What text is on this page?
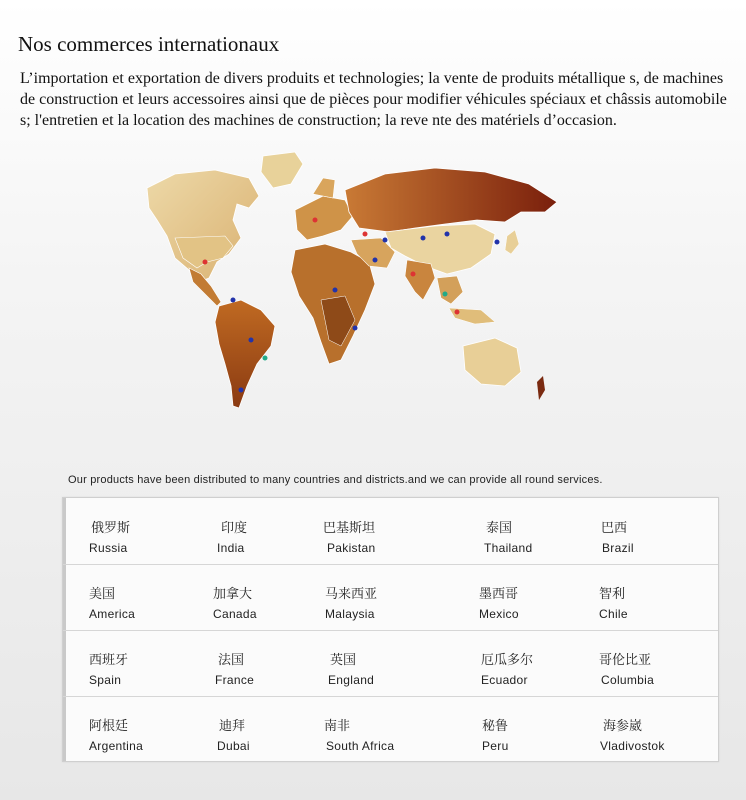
Nos commerces internationaux
L’importation et exportation de divers produits et technologies; la vente de produits métallique s, de machines de construction et leurs accessoires ainsi que de pièces pour modifier véhicules spéciaux et châssis automobiles; l'entretien et la location des machines de construction; la reve nte des matériels d’occasion.
Our products have been distributed to many countries and districts.and we can provide all round services.
俄罗斯
Russia
印度
India
巴基斯坦
Pakistan
泰国
Thailand
巴西
Brazil
美国
America
加拿大
Canada
马来西亚
Malaysia
墨西哥
Mexico
智利
Chile
西班牙
Spain
法国
France
英国
England
厄瓜多尔
Ecuador
哥伦比亚
Columbia
阿根廷
Argentina
迪拜
Dubai
南非
South Africa
秘鲁
Peru
海参崴
Vladivostok
